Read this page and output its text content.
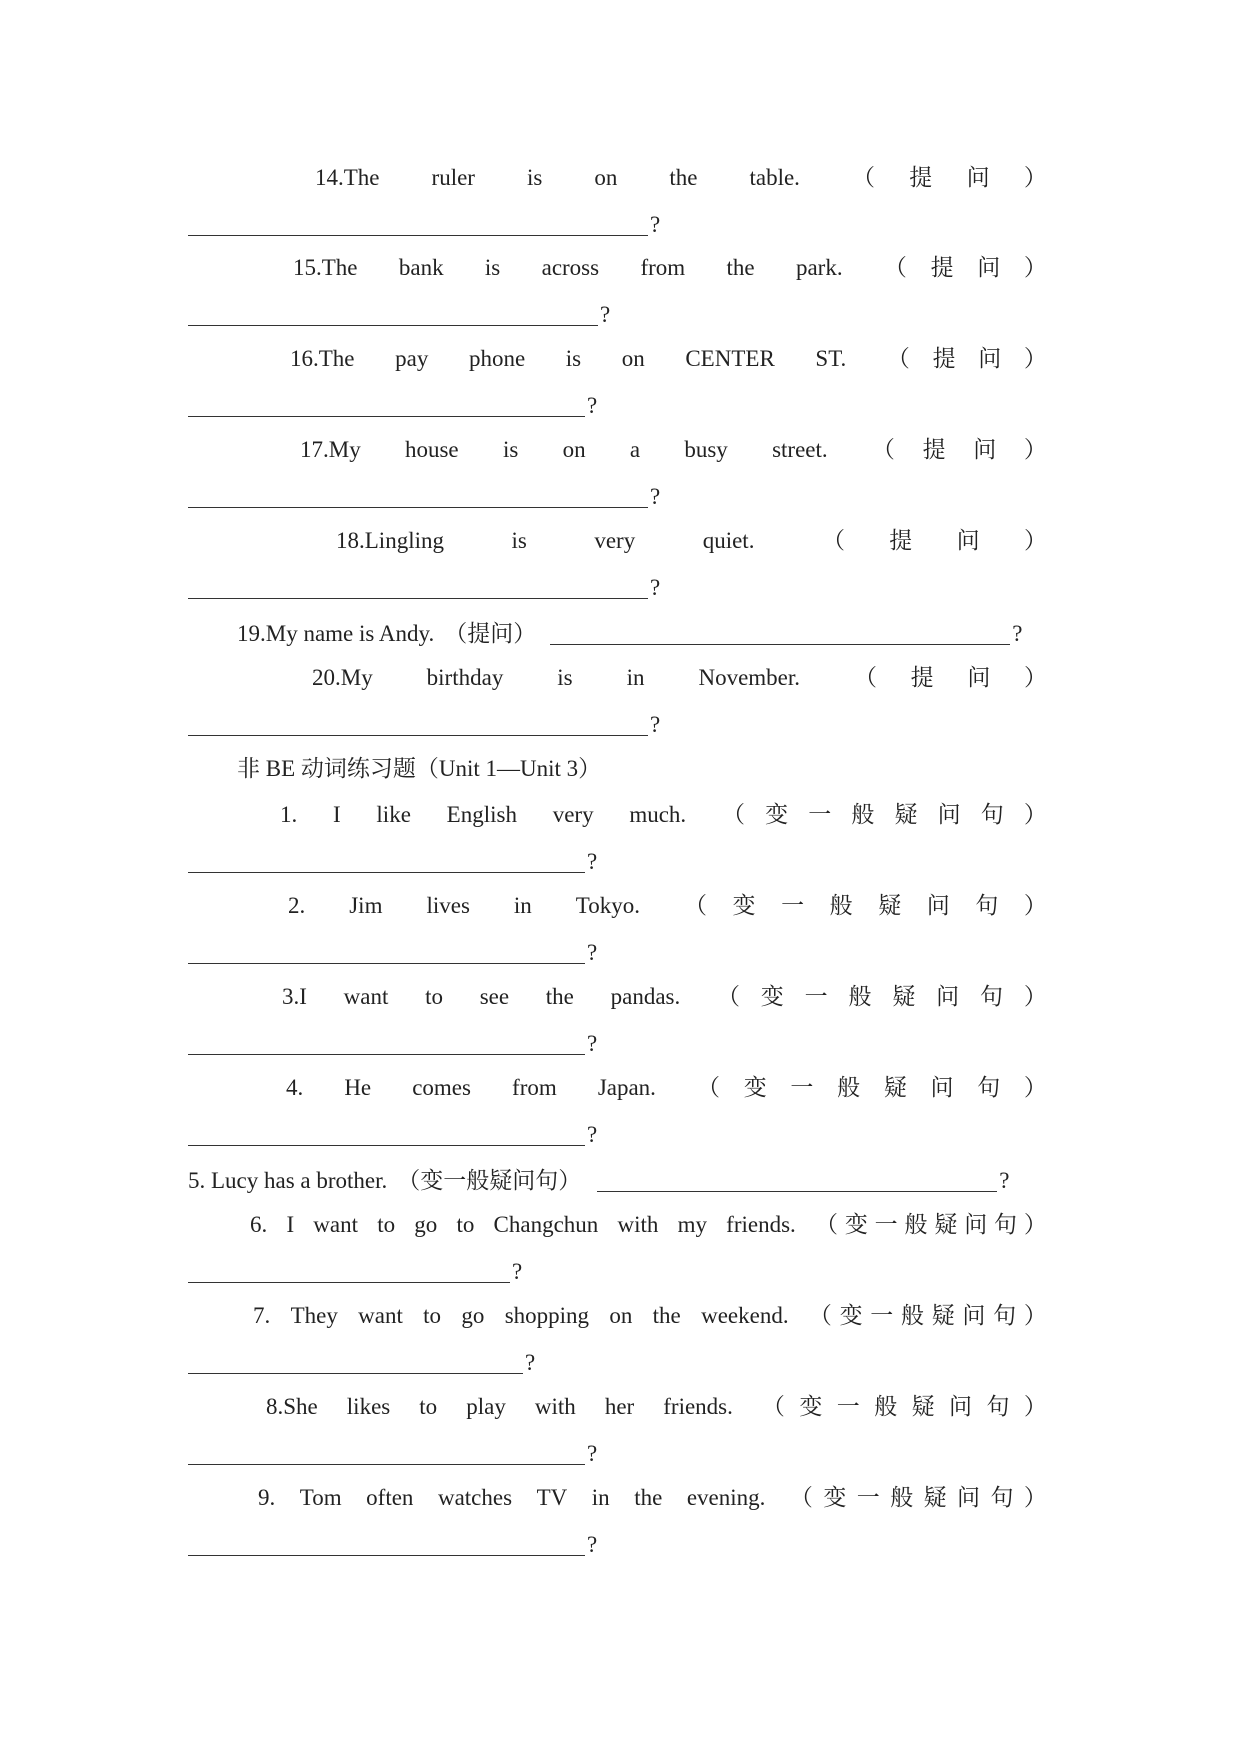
14.The ruler is on the table. （ 提 问 ）
?
15.The bank is across from the park. （ 提 问 ）
?
16.The pay phone is on CENTER ST. （ 提 问 ）
?
17.My house is on a busy street. （ 提 问 ）
?
18.Lingling	is	very	quiet.	（ 提 问 ）
?
19.My name is Andy. （提问）	?
20.My birthday is in November. （ 提 问 ）
?
非 BE 动词练习题（Unit 1—Unit 3）
1. I like English very much. （ 变 一 般 疑 问 句 ）
?
2. Jim lives in Tokyo. （ 变 一 般 疑 问 句 ）
?
3.I want to see the pandas. （ 变 一 般 疑 问 句 ）
?
4. He comes from Japan. （ 变 一 般 疑 问 句 ）
?
5. Lucy has a brother. （变一般疑问句）	?
6. I want to go to Changchun with my friends. （ 变 一 般 疑 问 句 ）
?
7. They want to go shopping on the weekend. （ 变 一 般 疑 问 句 ）
?
8.She likes to play with her friends. （ 变 一 般 疑 问 句 ）
?
9. Tom often watches TV in the evening. （ 变 一 般 疑 问 句 ）
?
